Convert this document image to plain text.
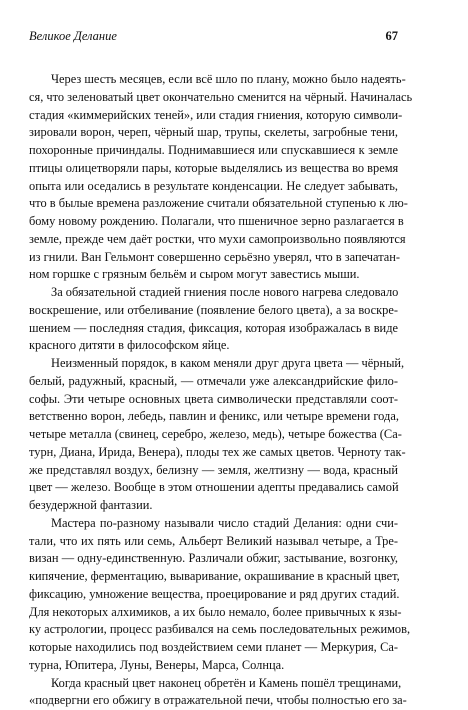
Великое Делание	67
Через шесть месяцев, если всё шло по плану, можно было надеять-
ся, что зеленоватый цвет окончательно сменится на чёрный. Начиналась
стадия «киммерийских теней», или стадия гниения, которую символи-
зировали ворон, череп, чёрный шар, трупы, скелеты, загробные тени,
похоронные причиндалы. Поднимавшиеся или спускавшиеся к земле
птицы олицетворяли пары, которые выделялись из вещества во время
опыта или оседались в результате конденсации. Не следует забывать,
что в былые времена разложение считали обязательной ступенью к лю-
бому новому рождению. Полагали, что пшеничное зерно разлагается в
земле, прежде чем даёт ростки, что мухи самопроизвольно появляются
из гнили. Ван Гельмонт совершенно серьёзно уверял, что в запечатан-
ном горшке с грязным бельём и сыром могут завестись мыши.
За обязательной стадией гниения после нового нагрева следовало
воскрешение, или отбеливание (появление белого цвета), а за воскре-
шением — последняя стадия, фиксация, которая изображалась в виде
красного дитяти в философском яйце.
Неизменный порядок, в каком меняли друг друга цвета — чёрный,
белый, радужный, красный, — отмечали уже александрийские фило-
софы. Эти четыре основных цвета символически представляли соот-
ветственно ворон, лебедь, павлин и феникс, или четыре времени года,
четыре металла (свинец, серебро, железо, медь), четыре божества (Са-
турн, Диана, Ирида, Венера), плоды тех же самых цветов. Черноту так-
же представлял воздух, белизну — земля, желтизну — вода, красный
цвет — железо. Вообще в этом отношении адепты предавались самой
безудержной фантазии.
Мастера по-разному называли число стадий Делания: одни счи-
тали, что их пять или семь, Альберт Великий называл четыре, а Тре-
визан — одну-единственную. Различали обжиг, застывание, возгонку,
кипячение, ферментацию, вываривание, окрашивание в красный цвет,
фиксацию, умножение вещества, проецирование и ряд других стадий.
Для некоторых алхимиков, а их было немало, более привычных к язы-
ку астрологии, процесс разбивался на семь последовательных режимов,
которые находились под воздействием семи планет — Меркурия, Са-
турна, Юпитера, Луны, Венеры, Марса, Солнца.
Когда красный цвет наконец обретён и Камень пошёл трещинами,
«подвергни его обжигу в отражательной печи, чтобы полностью его за-
